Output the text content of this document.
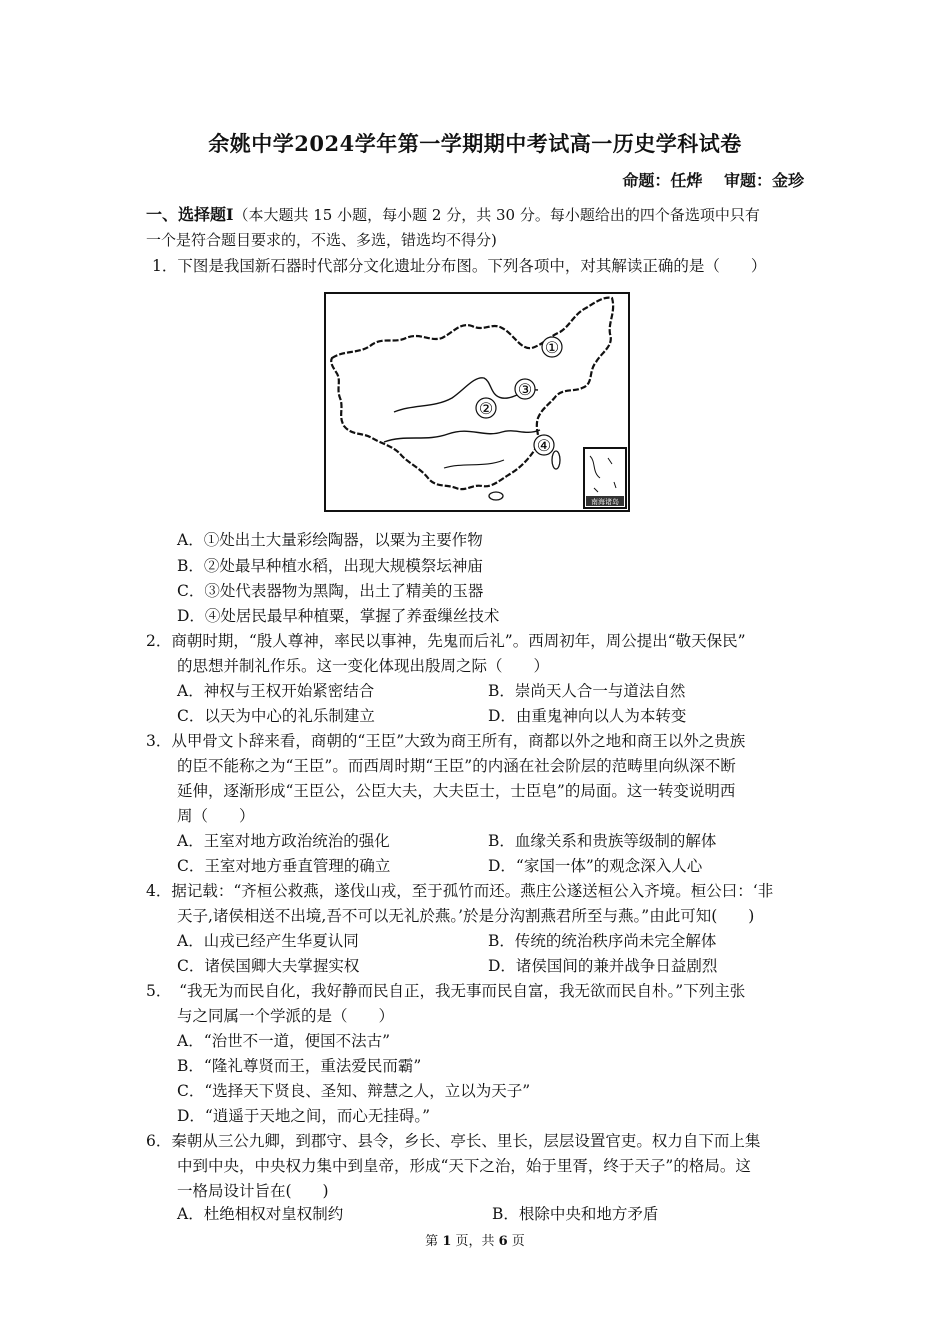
余姚中学2024学年第一学期期中考试高一历史学科试卷
命题：任烨　 审题：金珍
一、选择题Ⅰ（本大题共 15 小题，每小题 2 分，共 30 分。每小题给出的四个备选项中只有
一个是符合题目要求的，不选、多选，错选均不得分)
1．下图是我国新石器时代部分文化遗址分布图。下列各项中，对其解读正确的是（　　）
①
②
③
④
南海诸岛
A．①处出土大量彩绘陶器，以粟为主要作物
B．②处最早种植水稻，出现大规模祭坛神庙
C．③处代表器物为黑陶，出土了精美的玉器
D．④处居民最早种植粟，掌握了养蚕缫丝技术
2．商朝时期，“殷人尊神，率民以事神，先鬼而后礼”。西周初年，周公提出“敬天保民”
的思想并制礼作乐。这一变化体现出殷周之际（　　）
A．神权与王权开始紧密结合	B．崇尚天人合一与道法自然
C．以天为中心的礼乐制建立	D．由重鬼神向以人为本转变
3．从甲骨文卜辞来看，商朝的“王臣”大致为商王所有，商都以外之地和商王以外之贵族
的臣不能称之为“王臣”。而西周时期“王臣”的内涵在社会阶层的范畴里向纵深不断
延伸，逐渐形成“王臣公，公臣大夫，大夫臣士，士臣皂”的局面。这一转变说明西
周（　　）
A．王室对地方政治统治的强化	B．血缘关系和贵族等级制的解体
C．王室对地方垂直管理的确立	D．“家国一体”的观念深入人心
4．据记载：“齐桓公救燕，遂伐山戎，至于孤竹而还。燕庄公遂送桓公入齐境。桓公曰：‘非
天子,诸侯相送不出境,吾不可以无礼於燕。’於是分沟割燕君所至与燕。”由此可知(　　)
A．山戎已经产生华夏认同	B．传统的统治秩序尚未完全解体
C．诸侯国卿大夫掌握实权	D．诸侯国间的兼并战争日益剧烈
5．　“我无为而民自化，我好静而民自正，我无事而民自富，我无欲而民自朴。”下列主张
与之同属一个学派的是（　　）
A．“治世不一道，便国不法古”
B．“隆礼尊贤而王，重法爱民而霸”
C．“选择天下贤良、圣知、辩慧之人，立以为天子”
D．“逍遥于天地之间，而心无挂碍。”
6．秦朝从三公九卿，到郡守、县令，乡长、亭长、里长，层层设置官吏。权力自下而上集
中到中央，中央权力集中到皇帝，形成“天下之治，始于里胥，终于天子”的格局。这
一格局设计旨在(　　)
A．杜绝相权对皇权制约	B．根除中央和地方矛盾
第 1 页，共 6 页
